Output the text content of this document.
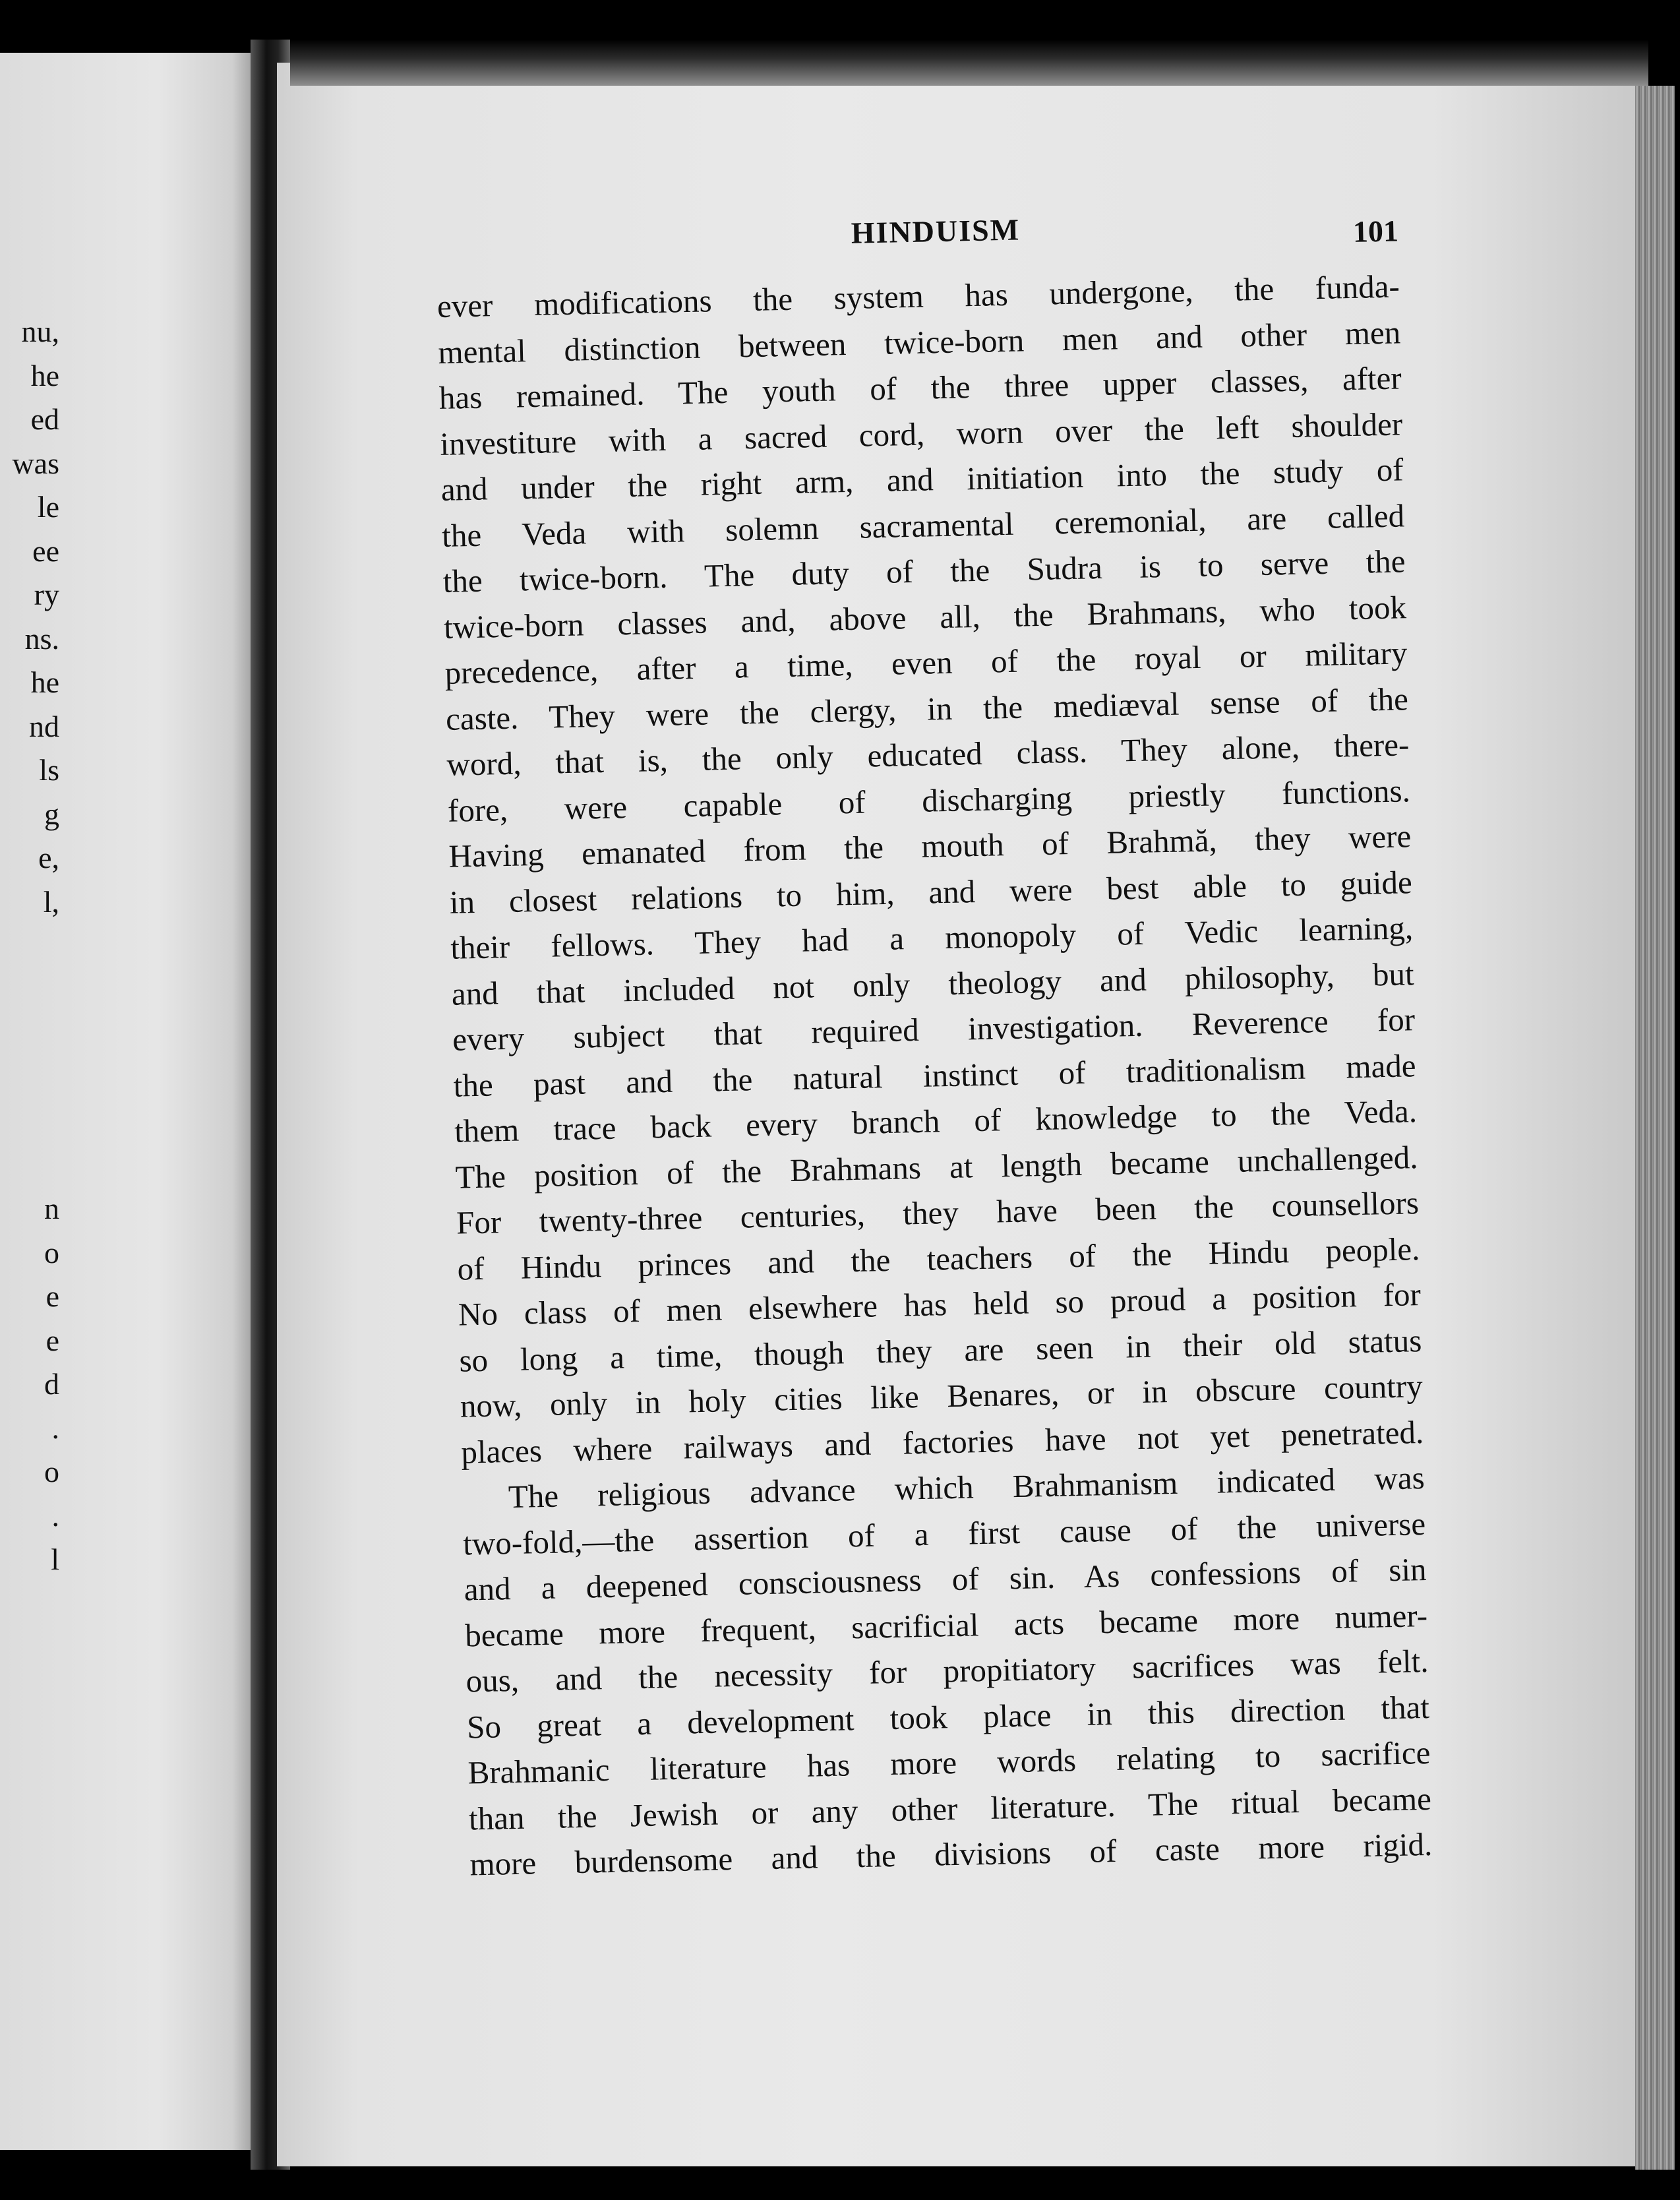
nu,
he
ed
was
le
ee
ry
ns.
he
nd
ls
g
e,
l,
n
o
e
e
d
.
o
.
l
HINDUISM	101
ever modifications the system has undergone, the funda-
mental distinction between twice-born men and other men
has remained. The youth of the three upper classes, after
investiture with a sacred cord, worn over the left shoulder
and under the right arm, and initiation into the study of
the Veda with solemn sacramental ceremonial, are called
the twice-born. The duty of the Sudra is to serve the
twice-born classes and, above all, the Brahmans, who took
precedence, after a time, even of the royal or military
caste. They were the clergy, in the mediæval sense of the
word, that is, the only educated class. They alone, there-
fore, were capable of discharging priestly functions.
Having emanated from the mouth of Brahmă, they were
in closest relations to him, and were best able to guide
their fellows. They had a monopoly of Vedic learning,
and that included not only theology and philosophy, but
every subject that required investigation. Reverence for
the past and the natural instinct of traditionalism made
them trace back every branch of knowledge to the Veda.
The position of the Brahmans at length became unchallenged.
For twenty-three centuries, they have been the counsellors
of Hindu princes and the teachers of the Hindu people.
No class of men elsewhere has held so proud a position for
so long a time, though they are seen in their old status
now, only in holy cities like Benares, or in obscure country
places where railways and factories have not yet penetrated.
The religious advance which Brahmanism indicated was
two-fold,—the assertion of a first cause of the universe
and a deepened consciousness of sin. As confessions of sin
became more frequent, sacrificial acts became more numer-
ous, and the necessity for propitiatory sacrifices was felt.
So great a development took place in this direction that
Brahmanic literature has more words relating to sacrifice
than the Jewish or any other literature. The ritual became
more burdensome and the divisions of caste more rigid.
